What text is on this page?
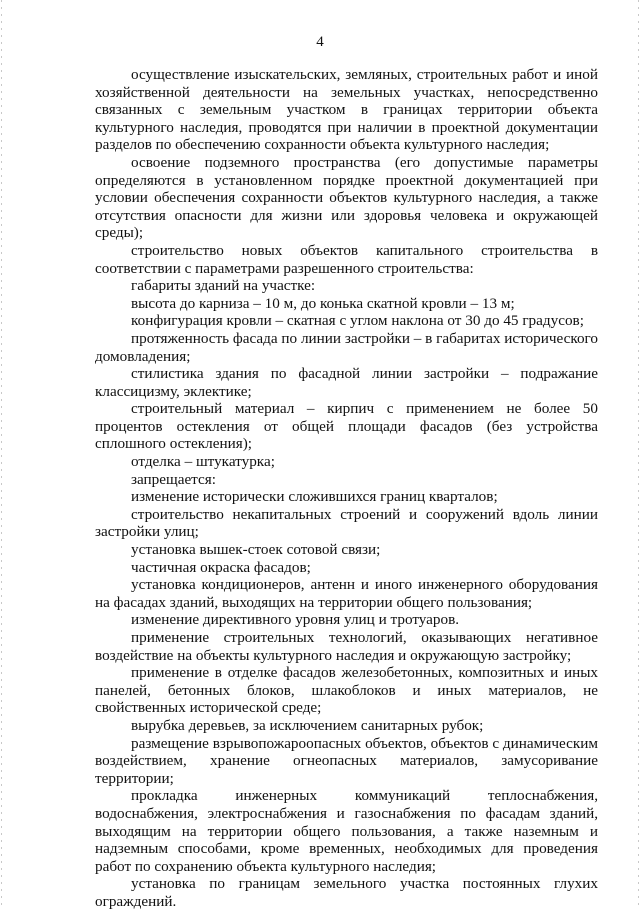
4

осуществление изыскательских, земляных, строительных работ и иной хозяйственной деятельности на земельных участках, непосредственно связанных с земельным участком в границах территории объекта культурного наследия, проводятся при наличии в проектной документации разделов по обеспечению сохранности объекта культурного наследия;

освоение подземного пространства (его допустимые параметры определяются в установленном порядке проектной документацией при условии обеспечения сохранности объектов культурного наследия, а также отсутствия опасности для жизни или здоровья человека и окружающей среды);

строительство новых объектов капитального строительства в соответствии с параметрами разрешенного строительства:

габариты зданий на участке:

высота до карниза – 10 м, до конька скатной кровли – 13 м;

конфигурация кровли – скатная с углом наклона от 30 до 45 градусов;

протяженность фасада по линии застройки – в габаритах исторического домовладения;

стилистика здания по фасадной линии застройки – подражание классицизму, эклектике;

строительный материал – кирпич с применением не более 50 процентов остекления от общей площади фасадов (без устройства сплошного остекления);

отделка – штукатурка;

запрещается:

изменение исторически сложившихся границ кварталов;

строительство некапитальных строений и сооружений вдоль линии застройки улиц;

установка вышек-стоек сотовой связи;

частичная окраска фасадов;

установка кондиционеров, антенн и иного инженерного оборудования на фасадах зданий, выходящих на территории общего пользования;

изменение директивного уровня улиц и тротуаров.

применение строительных технологий, оказывающих негативное воздействие на объекты культурного наследия и окружающую застройку;

применение в отделке фасадов железобетонных, композитных и иных панелей, бетонных блоков, шлакоблоков и иных материалов, не свойственных исторической среде;

вырубка деревьев, за исключением санитарных рубок;

размещение взрывопожароопасных объектов, объектов с динамическим воздействием, хранение огнеопасных материалов, замусоривание территории;

прокладка инженерных коммуникаций теплоснабжения, водоснабжения, электроснабжения и газоснабжения по фасадам зданий, выходящим на территории общего пользования, а также наземным и надземным способами, кроме временных, необходимых для проведения работ по сохранению объекта культурного наследия;

установка по границам земельного участка постоянных глухих ограждений.
